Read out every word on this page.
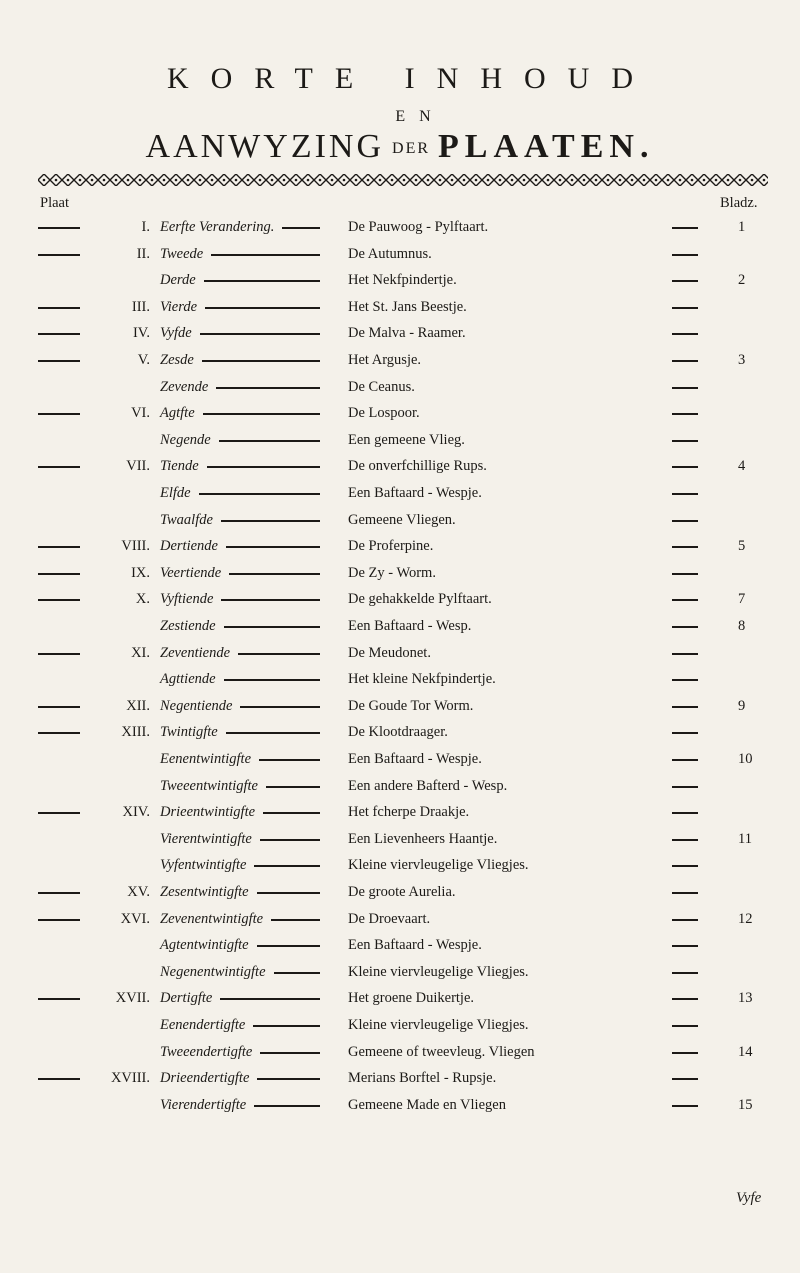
KORTE INHOUD
EN
AANWYZING DER PLAATEN.
Plaat	Bladz.
I. Eerfte Verandering.	De Pauwoog - Pylftaart.	1
II. Tweede	De Autumnus.
Derde	Het Nekfpindertje.	2
III. Vierde	Het St. Jans Beestje.
IV. Vyfde	De Malva - Raamer.
V. Zesde	Het Argusje.	3
Zevende	De Ceanus.
VI. Agtfte	De Lospoor.
Negende	Een gemeene Vlieg.
VII. Tiende	De onverfchillige Rups.	4
Elfde	Een Baftaard - Wespje.
Twaalfde	Gemeene Vliegen.
VIII. Dertiende	De Proferpine.	5
IX. Veertiende	De Zy - Worm.
X. Vyftiende	De gehakkelde Pylftaart.	7
Zestiende	Een Baftaard - Wesp.	8
XI. Zeventiende	De Meudonet.
Agttiende	Het kleine Nekfpindertje.
XII. Negentiende	De Goude Tor Worm.	9
XIII. Twintigfte	De Klootdraager.
Eenentwintigfte	Een Baftaard - Wespje.	10
Tweeentwintigfte	Een andere Bafterd - Wesp.
XIV. Drieentwintigfte	Het fcherpe Draakje.
Vierentwintigfte	Een Lievenheers Haantje.	11
Vyfentwintigfte	Kleine viervleugelige Vliegjes.
XV. Zesentwintigfte	De groote Aurelia.
XVI. Zevenentwintigfte	De Droevaart.	12
Agtentwintigfte	Een Baftaard - Wespje.
Negenentwintigfte	Kleine viervleugelige Vliegjes.
XVII. Dertigfte	Het groene Duikertje.	13
Eenendertigfte	Kleine viervleugelige Vliegjes.
Tweeendertigfte	Gemeene of tweevleug. Vliegen	14
XVIII. Drieendertigfte	Merians Borftel - Rupsje.
Vierendertigfte	Gemeene Made en Vliegen	15
Vyfe
